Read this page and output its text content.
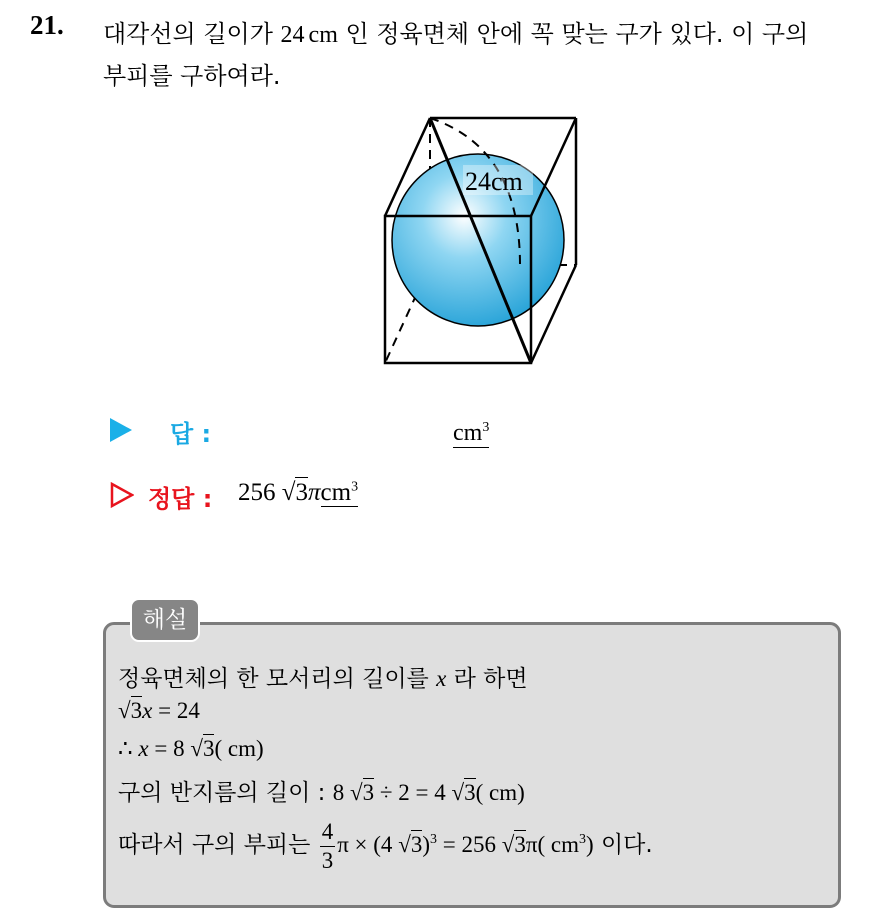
21. 대각선의 길이가 24 cm 인 정육면체 안에 꼭 맞는 구가 있다. 이 구의
부피를 구하여라.
24cm
답 :	$cm^3$
정답 : 256 √3πcm$^3$
해설
정육면체의 한 모서리의 길이를 x 라 하면
√3x = 24
∴ x = 8 √3( cm)
구의 반지름의 길이 : 8 √3 ÷ 2 = 4 √3( cm)
따라서 구의 부피는 $\frac{4}{3}$ π × (4 √3)$^3$ = 256 √3π( $cm^3$) 이다.
